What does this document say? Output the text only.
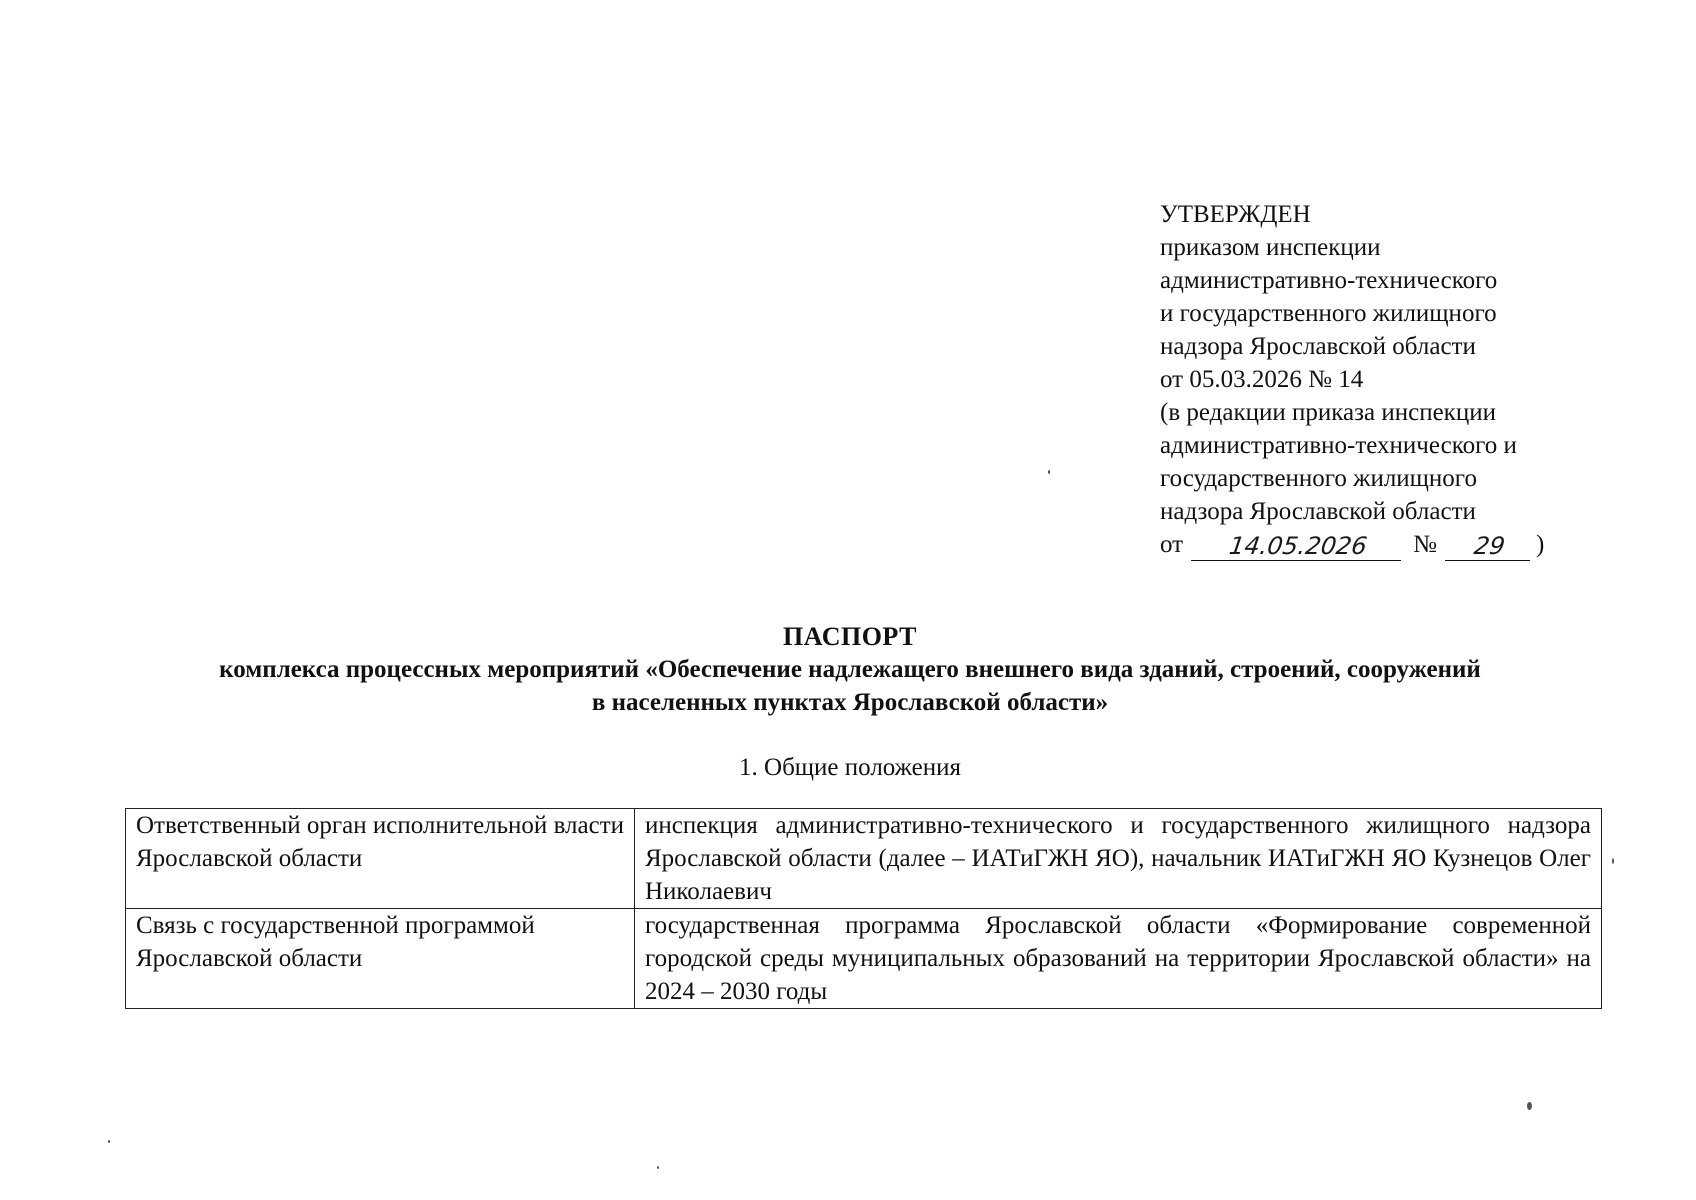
УТВЕРЖДЕН
приказом инспекции
административно-технического
и государственного жилищного
надзора Ярославской области
от 05.03.2026 № 14
(в редакции приказа инспекции
административно-технического и
государственного жилищного
надзора Ярославской области
от	14.05.2026	№	29	)
ПАСПОРТ
комплекса процессных мероприятий «Обеспечение надлежащего внешнего вида зданий, строений, сооружений
в населенных пунктах Ярославской области»
1. Общие положения
Ответственный орган исполнительной власти Ярославской области	инспекция административно-технического и государственного жилищного надзора Ярославской области (далее – ИАТиГЖН ЯО), начальник ИАТиГЖН ЯО Кузнецов Олег Николаевич
Связь с государственной программой Ярославской области	государственная программа Ярославской области «Формирование современной городской среды муниципальных образований на территории Ярославской области» на 2024 – 2030 годы
